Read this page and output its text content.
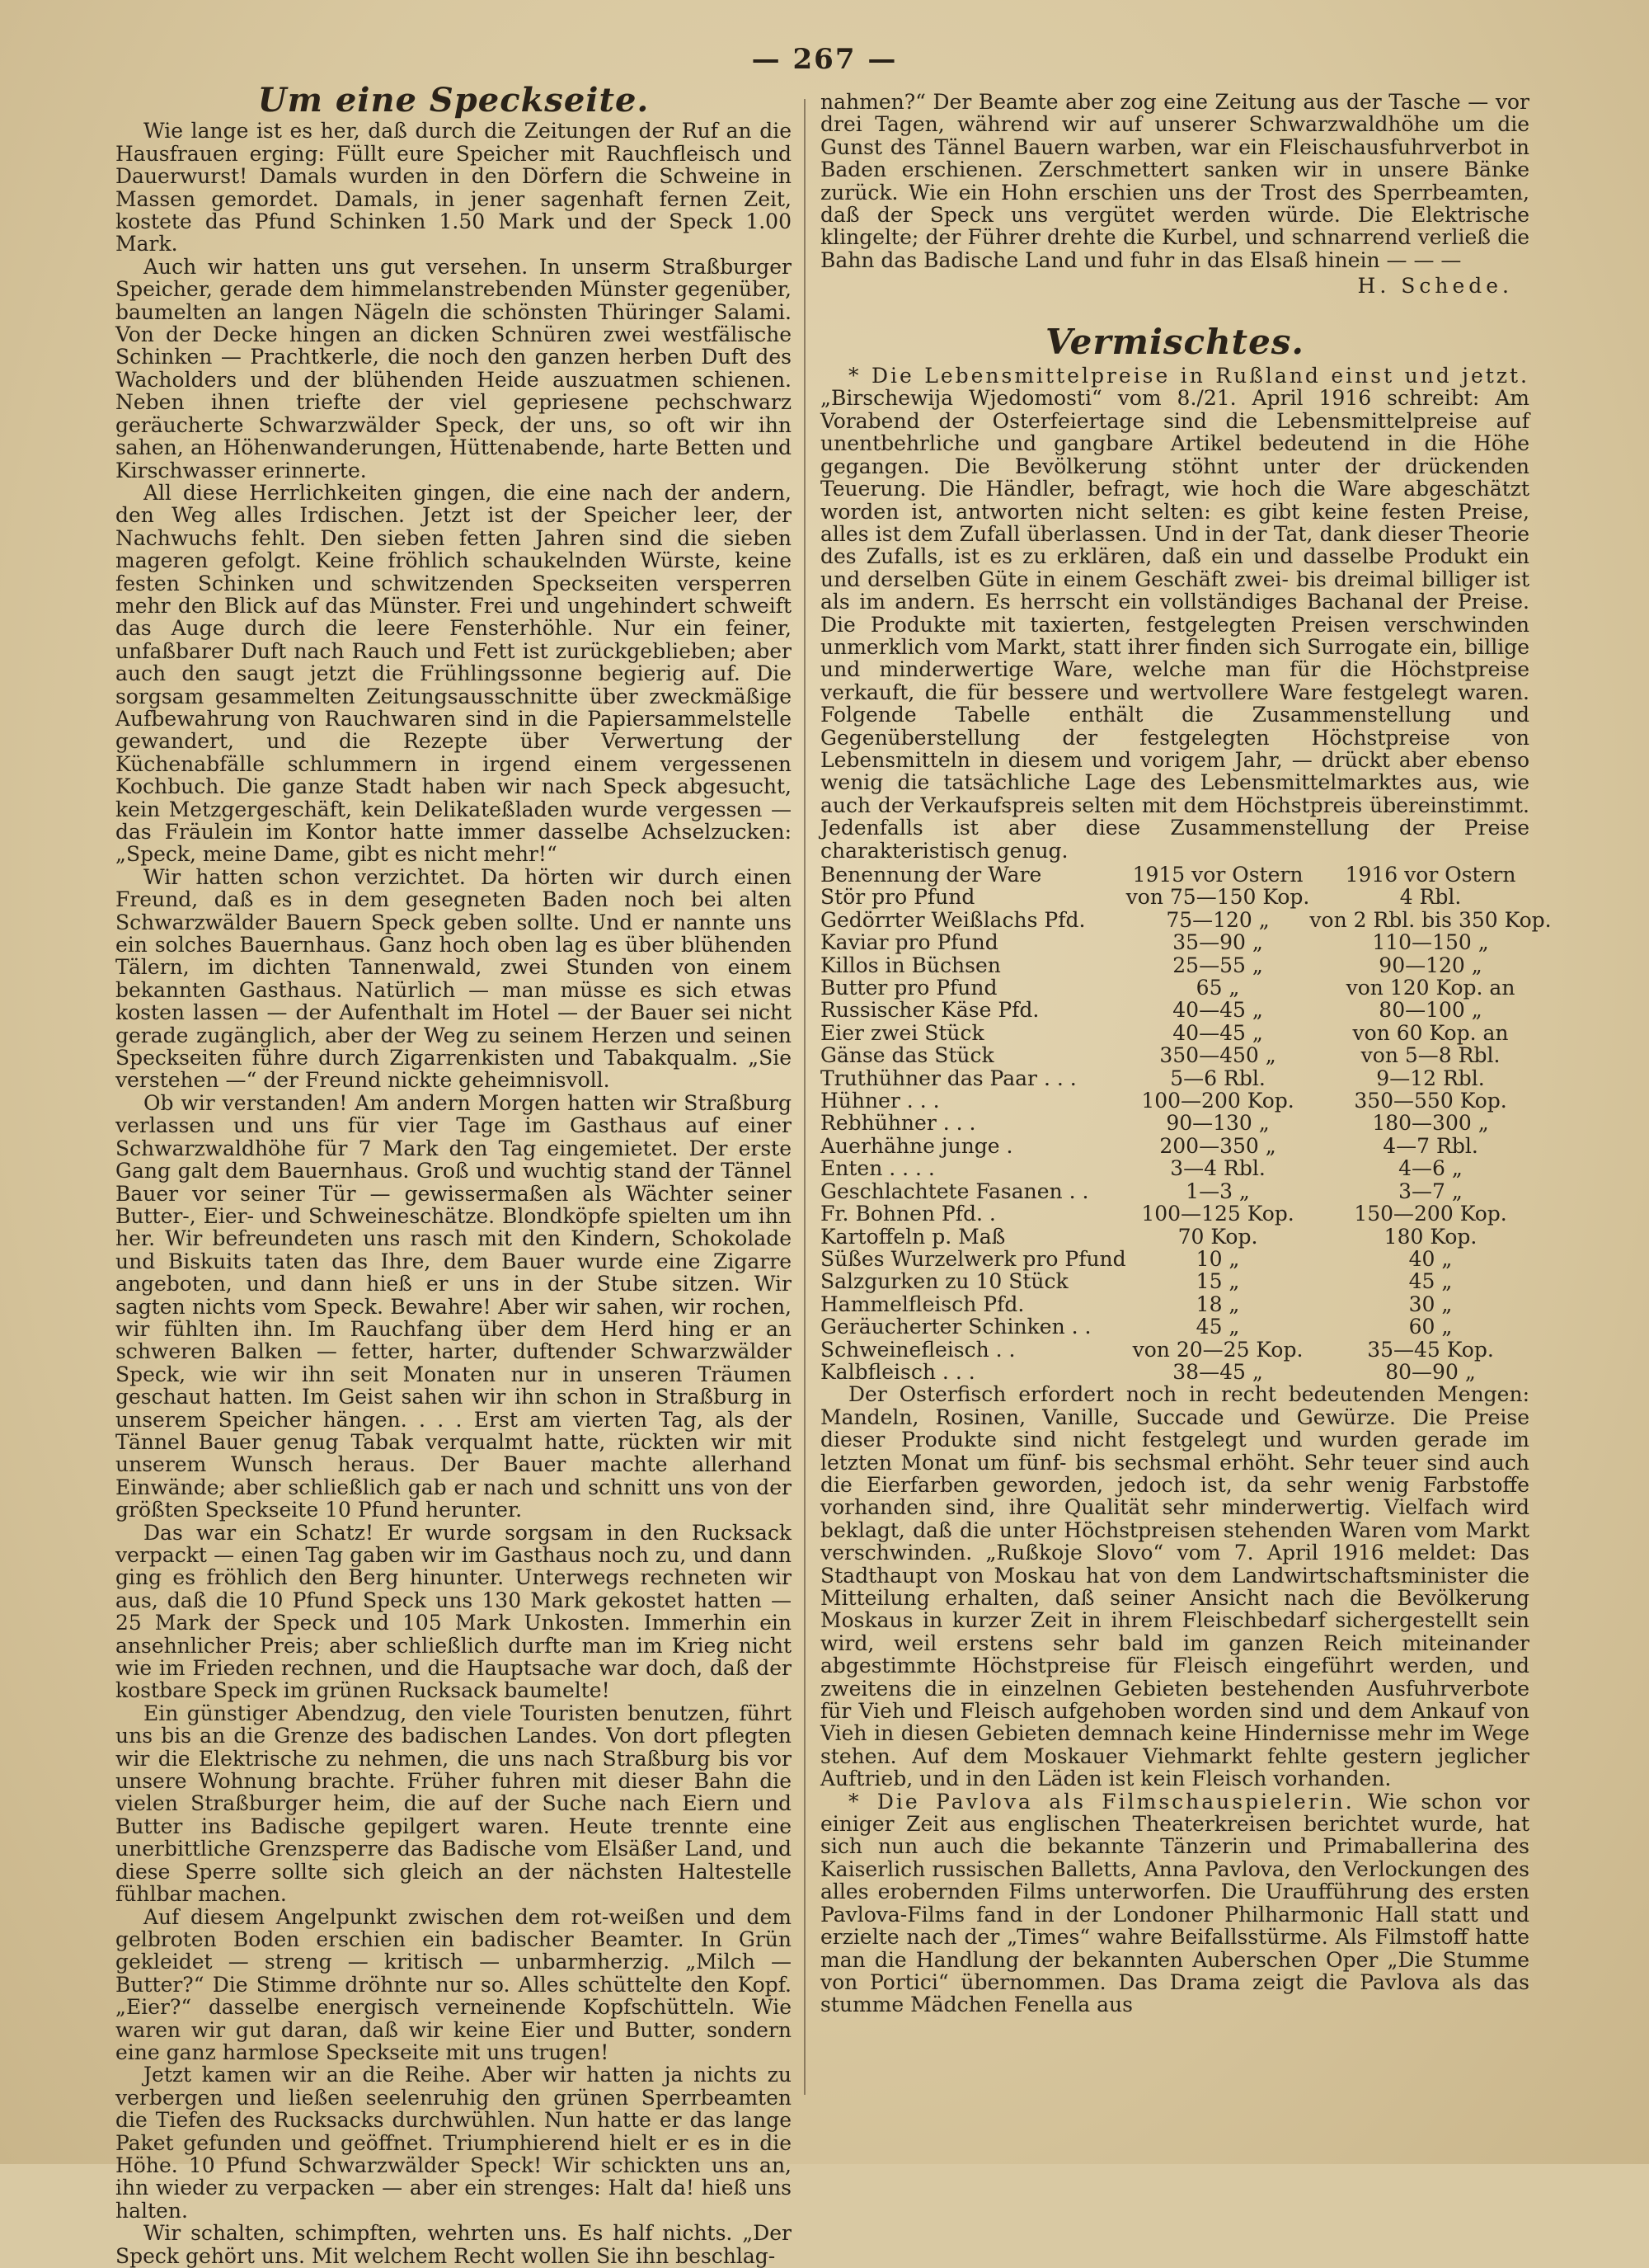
— 267 —
Um eine Speckseite.

Wie lange ist es her, daß durch die Zeitungen der Ruf an die Hausfrauen erging: Füllt eure Speicher mit Rauchfleisch und Dauerwurst! Damals wurden in den Dörfern die Schweine in Massen gemordet. Damals, in jener sagenhaft fernen Zeit, kostete das Pfund Schinken 1.50 Mark und der Speck 1.00 Mark.

Auch wir hatten uns gut versehen. In unserm Straßburger Speicher, gerade dem himmelanstrebenden Münster gegenüber, baumelten an langen Nägeln die schönsten Thüringer Salami. Von der Decke hingen an dicken Schnüren zwei westfälische Schinken — Prachtkerle, die noch den ganzen herben Duft des Wacholders und der blühenden Heide auszuatmen schienen. Neben ihnen triefte der viel gepriesene pechschwarz geräucherte Schwarzwälder Speck, der uns, so oft wir ihn sahen, an Höhenwanderungen, Hüttenabende, harte Betten und Kirschwasser erinnerte.

All diese Herrlichkeiten gingen, die eine nach der andern, den Weg alles Irdischen. Jetzt ist der Speicher leer, der Nachwuchs fehlt. Den sieben fetten Jahren sind die sieben mageren gefolgt. Keine fröhlich schaukelnden Würste, keine festen Schinken und schwitzenden Speckseiten versperren mehr den Blick auf das Münster. Frei und ungehindert schweift das Auge durch die leere Fensterhöhle. Nur ein feiner, unfaßbarer Duft nach Rauch und Fett ist zurückgeblieben; aber auch den saugt jetzt die Frühlingssonne begierig auf. Die sorgsam gesammelten Zeitungsausschnitte über zweckmäßige Aufbewahrung von Rauchwaren sind in die Papiersammelstelle gewandert, und die Rezepte über Verwertung der Küchenabfälle schlummern in irgend einem vergessenen Kochbuch. Die ganze Stadt haben wir nach Speck abgesucht, kein Metzgergeschäft, kein Delikateßladen wurde vergessen — das Fräulein im Kontor hatte immer dasselbe Achselzucken: „Speck, meine Dame, gibt es nicht mehr!“

Wir hatten schon verzichtet. Da hörten wir durch einen Freund, daß es in dem gesegneten Baden noch bei alten Schwarzwälder Bauern Speck geben sollte. Und er nannte uns ein solches Bauernhaus. Ganz hoch oben lag es über blühenden Tälern, im dichten Tannenwald, zwei Stunden von einem bekannten Gasthaus. Natürlich — man müsse es sich etwas kosten lassen — der Aufenthalt im Hotel — der Bauer sei nicht gerade zugänglich, aber der Weg zu seinem Herzen und seinen Speckseiten führe durch Zigarrenkisten und Tabakqualm. „Sie verstehen —“ der Freund nickte geheimnisvoll.

Ob wir verstanden! Am andern Morgen hatten wir Straßburg verlassen und uns für vier Tage im Gasthaus auf einer Schwarzwaldhöhe für 7 Mark den Tag eingemietet. Der erste Gang galt dem Bauernhaus. Groß und wuchtig stand der Tännel Bauer vor seiner Tür — gewissermaßen als Wächter seiner Butter-, Eier- und Schweineschätze. Blondköpfe spielten um ihn her. Wir befreundeten uns rasch mit den Kindern, Schokolade und Biskuits taten das Ihre, dem Bauer wurde eine Zigarre angeboten, und dann hieß er uns in der Stube sitzen. Wir sagten nichts vom Speck. Bewahre! Aber wir sahen, wir rochen, wir fühlten ihn. Im Rauchfang über dem Herd hing er an schweren Balken — fetter, harter, duftender Schwarzwälder Speck, wie wir ihn seit Monaten nur in unseren Träumen geschaut hatten. Im Geist sahen wir ihn schon in Straßburg in unserem Speicher hängen. . . . Erst am vierten Tag, als der Tännel Bauer genug Tabak verqualmt hatte, rückten wir mit unserem Wunsch heraus. Der Bauer machte allerhand Einwände; aber schließlich gab er nach und schnitt uns von der größten Speckseite 10 Pfund herunter.

Das war ein Schatz! Er wurde sorgsam in den Rucksack verpackt — einen Tag gaben wir im Gasthaus noch zu, und dann ging es fröhlich den Berg hinunter. Unterwegs rechneten wir aus, daß die 10 Pfund Speck uns 130 Mark gekostet hatten — 25 Mark der Speck und 105 Mark Unkosten. Immerhin ein ansehnlicher Preis; aber schließlich durfte man im Krieg nicht wie im Frieden rechnen, und die Hauptsache war doch, daß der kostbare Speck im grünen Rucksack baumelte!

Ein günstiger Abendzug, den viele Touristen benutzen, führt uns bis an die Grenze des badischen Landes. Von dort pflegten wir die Elektrische zu nehmen, die uns nach Straßburg bis vor unsere Wohnung brachte. Früher fuhren mit dieser Bahn die vielen Straßburger heim, die auf der Suche nach Eiern und Butter ins Badische gepilgert waren. Heute trennte eine unerbittliche Grenzsperre das Badische vom Elsäßer Land, und diese Sperre sollte sich gleich an der nächsten Haltestelle fühlbar machen.

Auf diesem Angelpunkt zwischen dem rot-weißen und dem gelbroten Boden erschien ein badischer Beamter. In Grün gekleidet — streng — kritisch — unbarmherzig. „Milch — Butter?“ Die Stimme dröhnte nur so. Alles schüttelte den Kopf. „Eier?“ dasselbe energisch verneinende Kopfschütteln. Wie waren wir gut daran, daß wir keine Eier und Butter, sondern eine ganz harmlose Speckseite mit uns trugen!

Jetzt kamen wir an die Reihe. Aber wir hatten ja nichts zu verbergen und ließen seelenruhig den grünen Sperrbeamten die Tiefen des Rucksacks durchwühlen. Nun hatte er das lange Paket gefunden und geöffnet. Triumphierend hielt er es in die Höhe. 10 Pfund Schwarzwälder Speck! Wir schickten uns an, ihn wieder zu verpacken — aber ein strenges: Halt da! hieß uns halten.

Wir schalten, schimpften, wehrten uns. Es half nichts. „Der Speck gehört uns. Mit welchem Recht wollen Sie ihn beschlag-

nahmen?“ Der Beamte aber zog eine Zeitung aus der Tasche — vor drei Tagen, während wir auf unserer Schwarzwaldhöhe um die Gunst des Tännel Bauern warben, war ein Fleischausfuhrverbot in Baden erschienen. Zerschmettert sanken wir in unsere Bänke zurück. Wie ein Hohn erschien uns der Trost des Sperrbeamten, daß der Speck uns vergütet werden würde. Die Elektrische klingelte; der Führer drehte die Kurbel, und schnarrend verließ die Bahn das Badische Land und fuhr in das Elsaß hinein — — —

H. Schede.
Vermischtes.

* Die Lebensmittelpreise in Rußland einst und jetzt. „Birschewija Wjedomosti“ vom 8./21. April 1916 schreibt: Am Vorabend der Osterfeiertage sind die Lebensmittelpreise auf unentbehrliche und gangbare Artikel bedeutend in die Höhe gegangen. Die Bevölkerung stöhnt unter der drückenden Teuerung. Die Händler, befragt, wie hoch die Ware abgeschätzt worden ist, antworten nicht selten: es gibt keine festen Preise, alles ist dem Zufall überlassen. Und in der Tat, dank dieser Theorie des Zufalls, ist es zu erklären, daß ein und dasselbe Produkt ein und derselben Güte in einem Geschäft zwei- bis dreimal billiger ist als im andern. Es herrscht ein vollständiges Bachanal der Preise. Die Produkte mit taxierten, festgelegten Preisen verschwinden unmerklich vom Markt, statt ihrer finden sich Surrogate ein, billige und minderwertige Ware, welche man für die Höchstpreise verkauft, die für bessere und wertvollere Ware festgelegt waren. Folgende Tabelle enthält die Zusammenstellung und Gegenüberstellung der festgelegten Höchstpreise von Lebensmitteln in diesem und vorigem Jahr, — drückt aber ebenso wenig die tatsächliche Lage des Lebensmittelmarktes aus, wie auch der Verkaufspreis selten mit dem Höchstpreis übereinstimmt. Jedenfalls ist aber diese Zusammenstellung der Preise charakteristisch genug.

Benennung der Ware	1915 vor Ostern	1916 vor Ostern
Stör pro Pfund	von 75—150 Kop.	4 Rbl.
Gedörrter Weißlachs Pfd.	75—120 „	von 2 Rbl. bis 350 Kop.
Kaviar pro Pfund	35—90 „	110—150 „
Killos in Büchsen	25—55 „	90—120 „
Butter pro Pfund	65 „	von 120 Kop. an
Russischer Käse Pfd.	40—45 „	80—100 „
Eier zwei Stück	40—45 „	von 60 Kop. an
Gänse das Stück	350—450 „	von 5—8 Rbl.
Truthühner das Paar . . .	5—6 Rbl.	9—12 Rbl.
Hühner . . .	100—200 Kop.	350—550 Kop.
Rebhühner . . .	90—130 „	180—300 „
Auerhähne junge .	200—350 „	4—7 Rbl.
Enten . . . .	3—4 Rbl.	4—6 „
Geschlachtete Fasanen . .	1—3 „	3—7 „
Fr. Bohnen Pfd. .	100—125 Kop.	150—200 Kop.
Kartoffeln p. Maß	70 Kop.	180 Kop.
Süßes Wurzelwerk pro Pfund	10 „	40 „
Salzgurken zu 10 Stück	15 „	45 „
Hammelfleisch Pfd.	18 „	30 „
Geräucherter Schinken . .	45 „	60 „
Schweinefleisch . .	von 20—25 Kop.	35—45 Kop.
Kalbfleisch . . .	38—45 „	80—90 „

Der Osterfisch erfordert noch in recht bedeutenden Mengen: Mandeln, Rosinen, Vanille, Succade und Gewürze. Die Preise dieser Produkte sind nicht festgelegt und wurden gerade im letzten Monat um fünf- bis sechsmal erhöht. Sehr teuer sind auch die Eierfarben geworden, jedoch ist, da sehr wenig Farbstoffe vorhanden sind, ihre Qualität sehr minderwertig. Vielfach wird beklagt, daß die unter Höchstpreisen stehenden Waren vom Markt verschwinden. „Rußkoje Slovo“ vom 7. April 1916 meldet: Das Stadthaupt von Moskau hat von dem Landwirtschaftsminister die Mitteilung erhalten, daß seiner Ansicht nach die Bevölkerung Moskaus in kurzer Zeit in ihrem Fleischbedarf sichergestellt sein wird, weil erstens sehr bald im ganzen Reich miteinander abgestimmte Höchstpreise für Fleisch eingeführt werden, und zweitens die in einzelnen Gebieten bestehenden Ausfuhrverbote für Vieh und Fleisch aufgehoben worden sind und dem Ankauf von Vieh in diesen Gebieten demnach keine Hindernisse mehr im Wege stehen. Auf dem Moskauer Viehmarkt fehlte gestern jeglicher Auftrieb, und in den Läden ist kein Fleisch vorhanden.

* Die Pavlova als Filmschauspielerin. Wie schon vor einiger Zeit aus englischen Theaterkreisen berichtet wurde, hat sich nun auch die bekannte Tänzerin und Primaballerina des Kaiserlich russischen Balletts, Anna Pavlova, den Verlockungen des alles erobernden Films unterworfen. Die Uraufführung des ersten Pavlova-Films fand in der Londoner Philharmonic Hall statt und erzielte nach der „Times“ wahre Beifallsstürme. Als Filmstoff hatte man die Handlung der bekannten Auberschen Oper „Die Stumme von Portici“ übernommen. Das Drama zeigt die Pavlova als das stumme Mädchen Fenella aus
